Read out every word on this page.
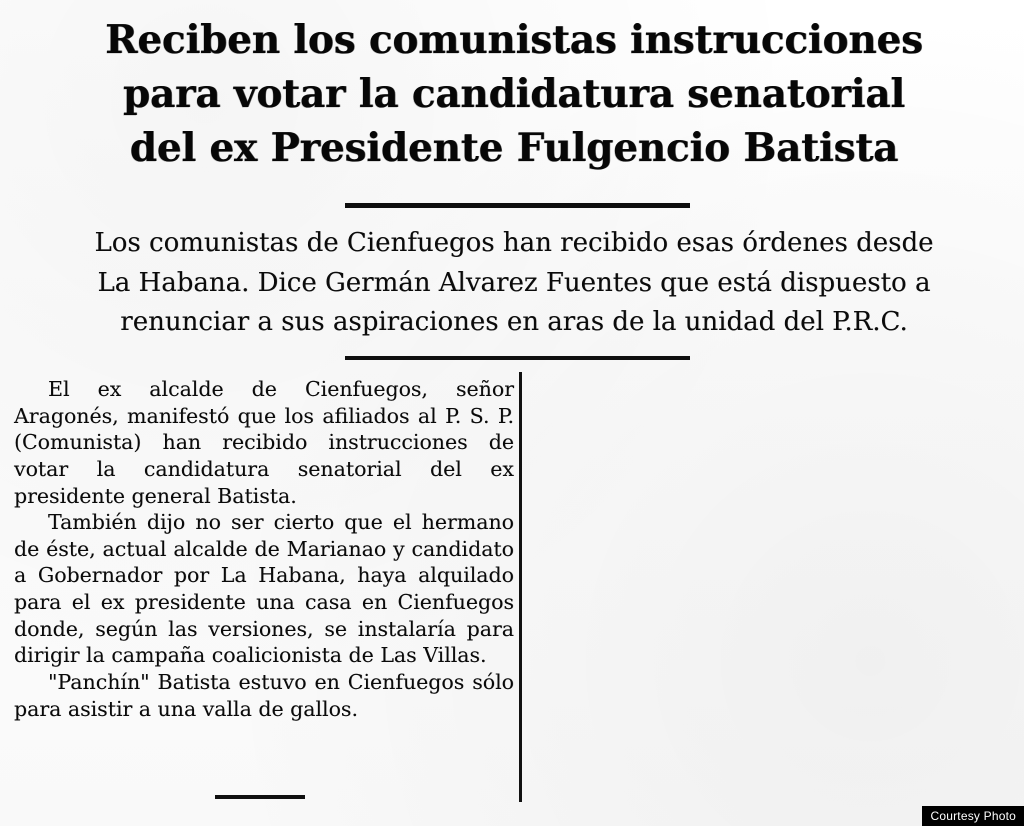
Reciben los comunistas instrucciones
para votar la candidatura senatorial
del ex Presidente Fulgencio Batista
Los comunistas de Cienfuegos han recibido esas órdenes desde
La Habana. Dice Germán Alvarez Fuentes que está dispuesto a
renunciar a sus aspiraciones en aras de la unidad del P.R.C.

El ex alcalde de Cienfuegos, señor Aragonés, manifestó que los afiliados al P. S. P. (Comunista) han recibido instrucciones de votar la candidatura senatorial del ex presidente general Batista.

También dijo no ser cierto que el hermano de éste, actual alcalde de Marianao y candidato a Gobernador por La Habana, haya alquilado para el ex presidente una casa en Cienfuegos donde, según las versiones, se instalaría para dirigir la campaña coalicionista de Las Villas.

"Panchín" Batista estuvo en Cienfuegos sólo para asistir a una valla de gallos.

Courtesy Photo
